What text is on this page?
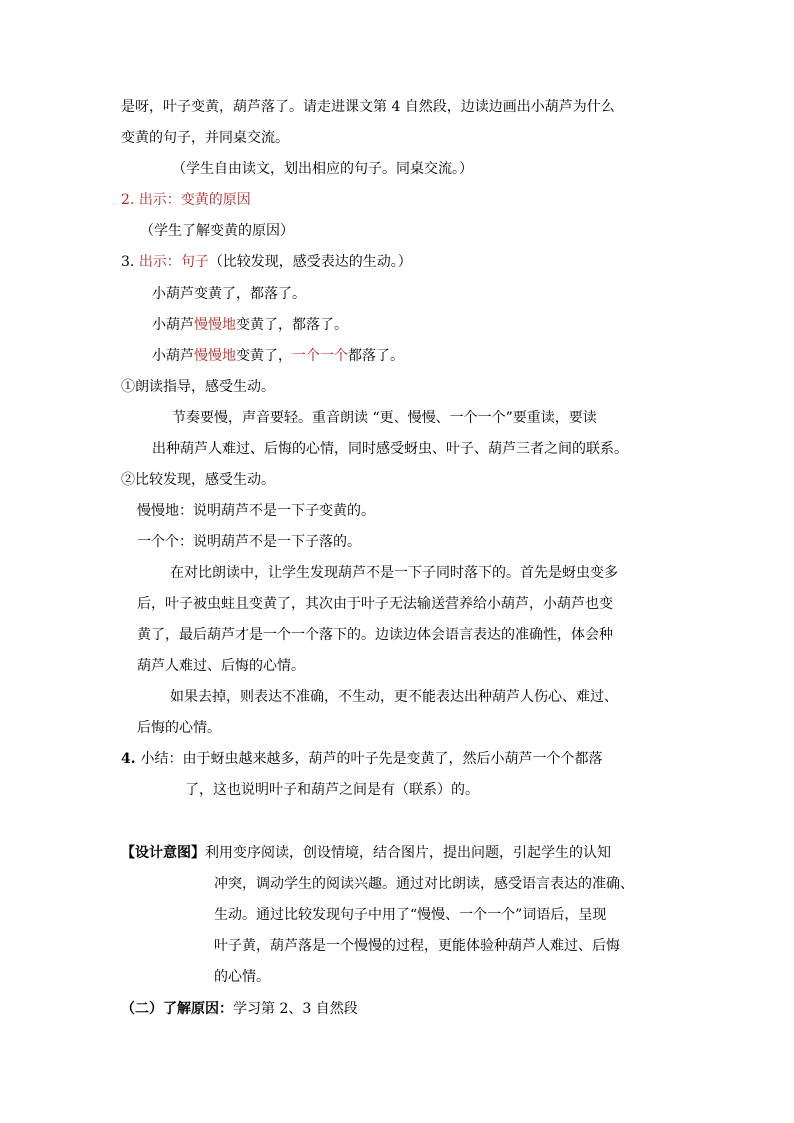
是呀，叶子变黄，葫芦落了。请走进课文第 4 自然段，边读边画出小葫芦为什么
变黄的句子，并同桌交流。
（学生自由读文，划出相应的句子。同桌交流。）
2. 出示：变黄的原因
（学生了解变黄的原因）
3. 出示：句子（比较发现，感受表达的生动。）
小葫芦变黄了，都落了。
小葫芦慢慢地变黄了，都落了。
小葫芦慢慢地变黄了，一个一个都落了。
①朗读指导，感受生动。
节奏要慢，声音要轻。重音朗读 “更、慢慢、一个一个”要重读，要读
出种葫芦人难过、后悔的心情，同时感受蚜虫、叶子、葫芦三者之间的联系。
②比较发现，感受生动。
慢慢地：说明葫芦不是一下子变黄的。
一个个：说明葫芦不是一下子落的。
在对比朗读中，让学生发现葫芦不是一下子同时落下的。首先是蚜虫变多
后，叶子被虫蛀且变黄了，其次由于叶子无法输送营养给小葫芦，小葫芦也变
黄了，最后葫芦才是一个一个落下的。边读边体会语言表达的准确性，体会种
葫芦人难过、后悔的心情。
如果去掉，则表达不准确，不生动，更不能表达出种葫芦人伤心、难过、
后悔的心情。
4. 小结：由于蚜虫越来越多，葫芦的叶子先是变黄了，然后小葫芦一个个都落
了，这也说明叶子和葫芦之间是有（联系）的。
【设计意图】利用变序阅读，创设情境，结合图片，提出问题，引起学生的认知
冲突，调动学生的阅读兴趣。通过对比朗读，感受语言表达的准确、
生动。通过比较发现句子中用了“慢慢、一个一个”词语后，呈现
叶子黄，葫芦落是一个慢慢的过程，更能体验种葫芦人难过、后悔
的心情。
（二）了解原因：学习第 2、3 自然段
